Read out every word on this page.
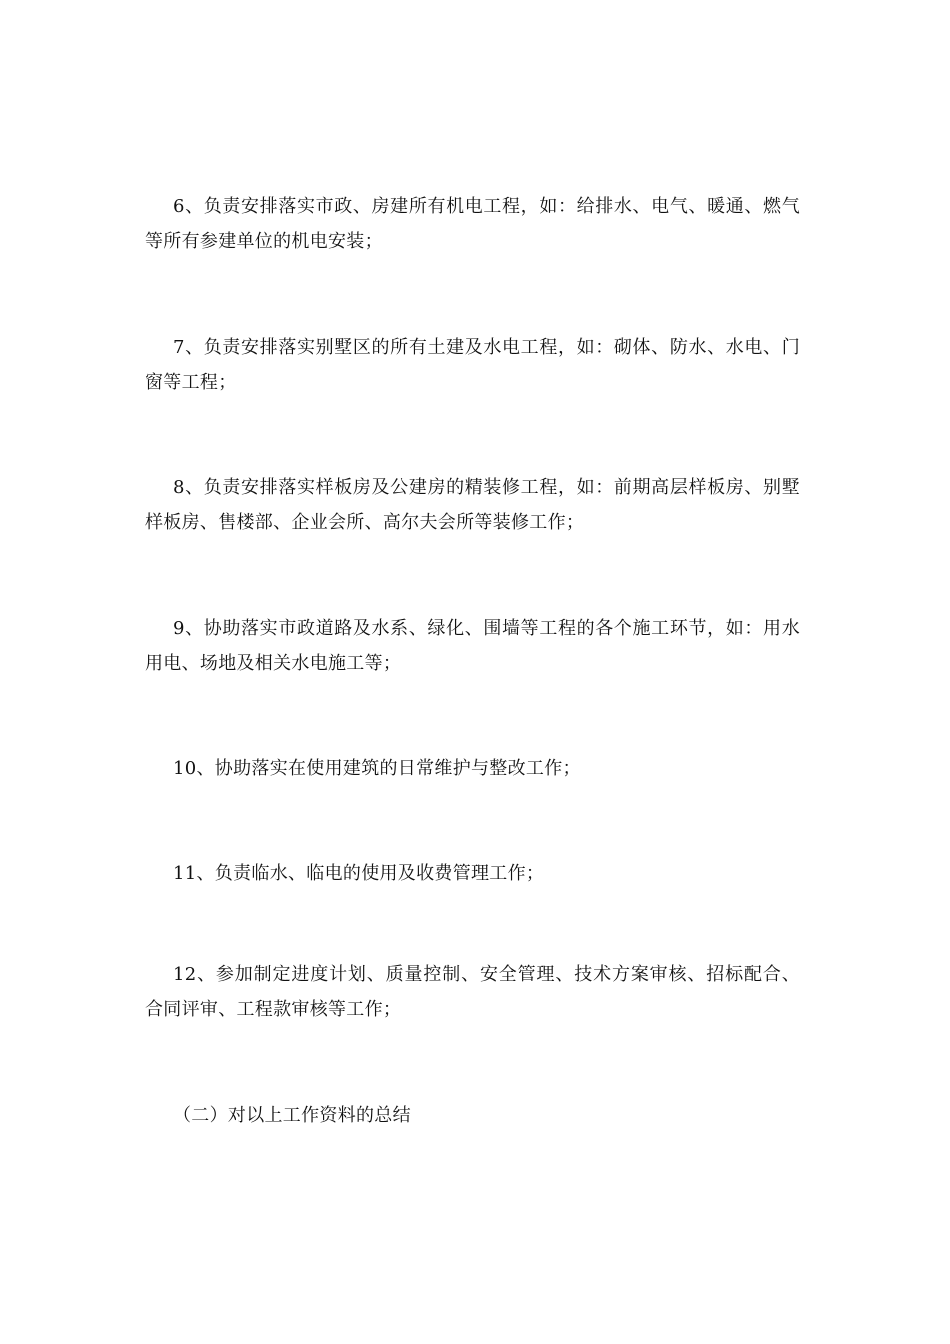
6、负责安排落实市政、房建所有机电工程，如：给排水、电气、暖通、燃气等所有参建单位的机电安装；

7、负责安排落实别墅区的所有土建及水电工程，如：砌体、防水、水电、门窗等工程；

8、负责安排落实样板房及公建房的精装修工程，如：前期高层样板房、别墅样板房、售楼部、企业会所、高尔夫会所等装修工作；

9、协助落实市政道路及水系、绿化、围墙等工程的各个施工环节，如：用水用电、场地及相关水电施工等；

10、协助落实在使用建筑的日常维护与整改工作；

11、负责临水、临电的使用及收费管理工作；

12、参加制定进度计划、质量控制、安全管理、技术方案审核、招标配合、合同评审、工程款审核等工作；

（二）对以上工作资料的总结
